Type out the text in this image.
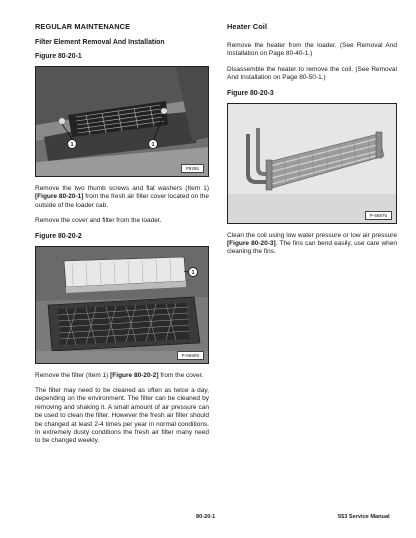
REGULAR MAINTENANCE
Filter Element Removal And Installation
Figure 80-20-1
1	1
P9255

Remove the two thumb screws and flat washers (Item 1) [Figure 80-20-1] from the fresh air filter cover located on the outside of the loader cab.

Remove the cover and filter from the loader.

Figure 80-20-2
1
P-66900

Remove the filter (Item 1) [Figure 80-20-2] from the cover.

The filter may need to be cleaned as often as twice a day, depending on the environment. The filter can be cleaned by removing and shaking it. A small amount of air pressure can be used to clean the filter. However the fresh air filter should be changed at least 2-4 times per year in normal conditions. In extremely dusty conditions the fresh air filter many need to be changed weekly.

Heater Coil

Remove the heater from the loader. (See Removal And Installation on Page 80-40-1.)

Disassemble the heater to remove the coil. (See Removal And Installation on Page 80-50-1.)

Figure 80-20-3
P-66975

Clean the coil using low water pressure or low air pressure [Figure 80-20-3]. The fins can bend easily, use care when cleaning the fins.

80-20-1	553 Service Manual
